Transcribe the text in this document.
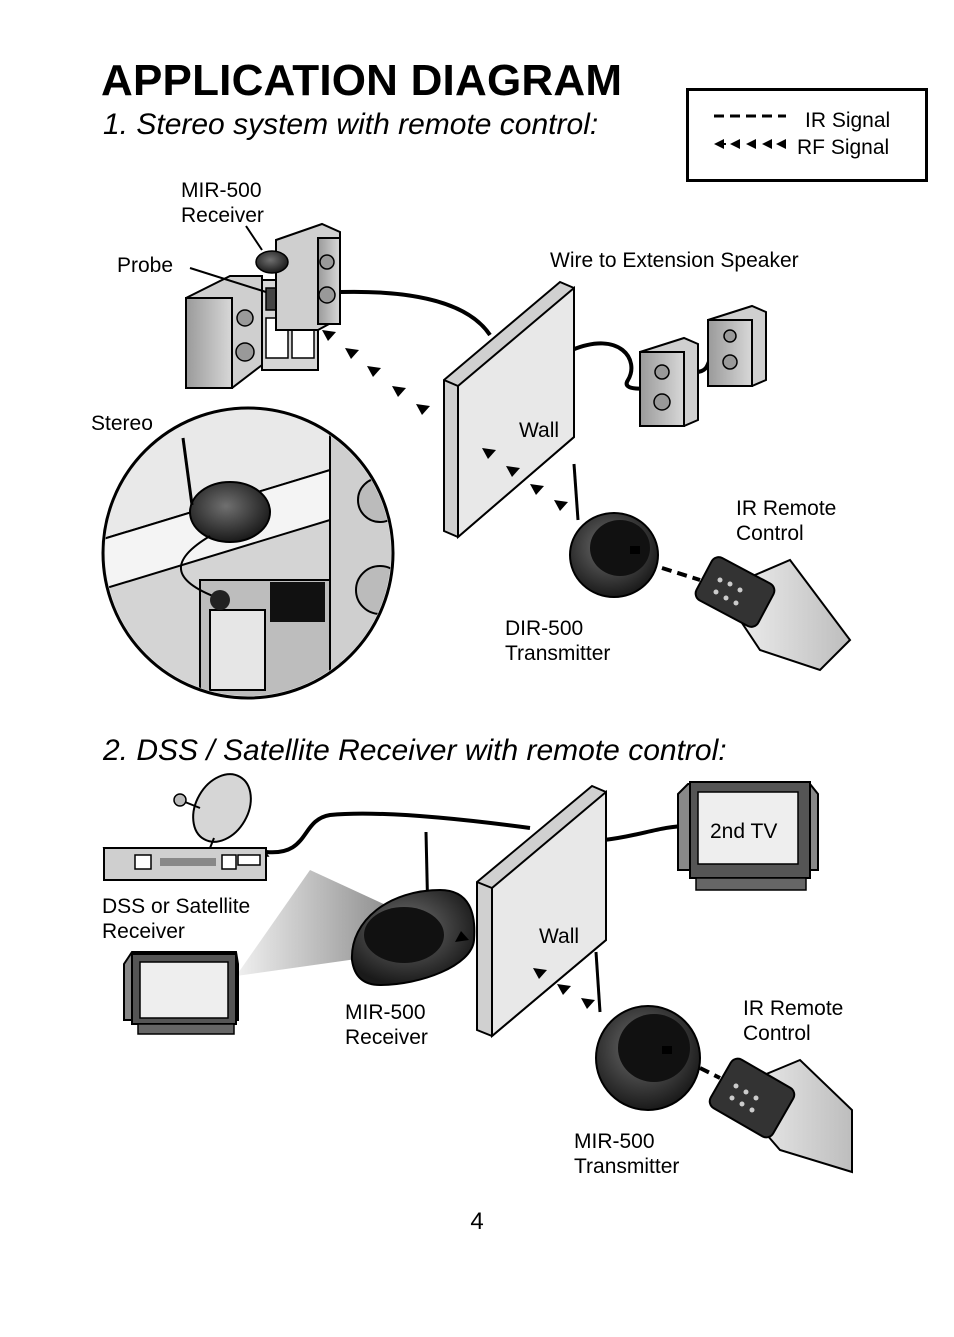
APPLICATION DIAGRAM
1. Stereo system with remote control:	IR Signal
RF Signal
MIR-500
Receiver
Probe	Wire to Extension Speaker
Stereo	Wall
IR Remote
Control
DIR-500
Transmitter
2. DSS / Satellite Receiver with remote control:
2nd TV
DSS or Satellite
Receiver	Wall
MIR-500
Receiver
IR Remote
Control
MIR-500
Transmitter
4
